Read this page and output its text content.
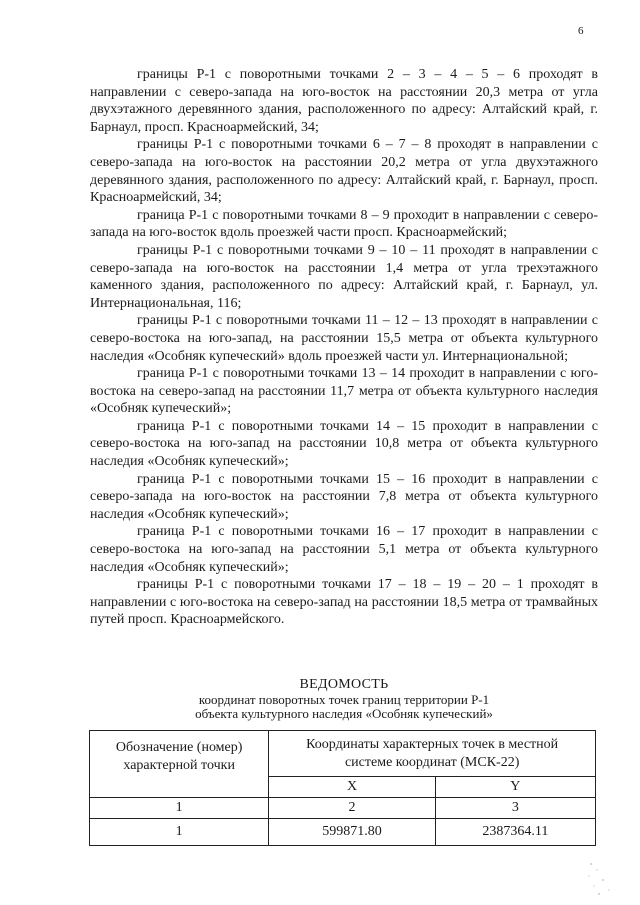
6

границы Р-1 с поворотными точками 2 – 3 – 4 – 5 – 6 проходят в направлении с северо-запада на юго-восток на расстоянии 20,3 метра от угла двухэтажного деревянного здания, расположенного по адресу: Алтайский край, г. Барнаул, просп. Красноармейский, 34;

границы Р-1 с поворотными точками 6 – 7 – 8 проходят в направлении с северо-запада на юго-восток на расстоянии 20,2 метра от угла двухэтажного деревянного здания, расположенного по адресу: Алтайский край, г. Барнаул, просп. Красноармейский, 34;

граница Р-1 с поворотными точками 8 – 9 проходит в направлении с северо-запада на юго-восток вдоль проезжей части просп. Красноармейский;

границы Р-1 с поворотными точками 9 – 10 – 11 проходят в направлении с северо-запада на юго-восток на расстоянии 1,4 метра от угла трехэтажного каменного здания, расположенного по адресу: Алтайский край, г. Барнаул, ул. Интернациональная, 116;

границы Р-1 с поворотными точками 11 – 12 – 13 проходят в направлении с северо-востока на юго-запад, на расстоянии 15,5 метра от объекта культурного наследия «Особняк купеческий» вдоль проезжей части ул. Интернациональной;

граница Р-1 с поворотными точками 13 – 14 проходит в направлении с юго-востока на северо-запад на расстоянии 11,7 метра от объекта культурного наследия «Особняк купеческий»;

граница Р-1 с поворотными точками 14 – 15 проходит в направлении с северо-востока на юго-запад на расстоянии 10,8 метра от объекта культурного наследия «Особняк купеческий»;

граница Р-1 с поворотными точками 15 – 16 проходит в направлении с северо-запада на юго-восток на расстоянии 7,8 метра от объекта культурного наследия «Особняк купеческий»;

граница Р-1 с поворотными точками 16 – 17 проходит в направлении с северо-востока на юго-запад на расстоянии 5,1 метра от объекта культурного наследия «Особняк купеческий»;

границы Р-1 с поворотными точками 17 – 18 – 19 – 20 – 1 проходят в направлении с юго-востока на северо-запад на расстоянии 18,5 метра от трамвайных путей просп. Красноармейского.

ВЕДОМОСТЬ
координат поворотных точек границ территории Р-1
объекта культурного наследия «Особняк купеческий»
Обозначение (номер) характерной точки	Координаты характерных точек в местной системе координат (МСК-22)	
	X	Y
1	2	3
1	599871.80	2387364.11
